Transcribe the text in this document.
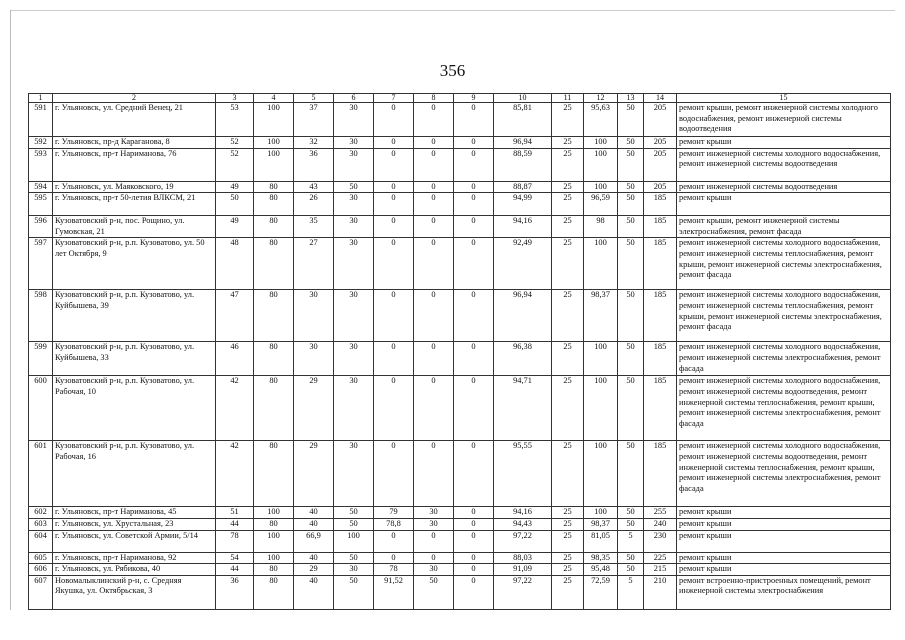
356
1	2	3	4	5	6	7	8	9	10	11	12	13	14	15
591	г. Ульяновск, ул. Средний Венец, 21	53	100	37	30	0	0	0	85,81	25	95,63	50	205	ремонт крыши, ремонт инженерной системы холодного водоснабжения, ремонт инженерной системы водоотведения
592	г. Ульяновск, пр-д Караганова, 8	52	100	32	30	0	0	0	96,94	25	100	50	205	ремонт крыши
593	г. Ульяновск, пр-т Нариманова, 76	52	100	36	30	0	0	0	88,59	25	100	50	205	ремонт инженерной системы холодного водоснабжения, ремонт инженерной системы водоотведения
594	г. Ульяновск, ул. Маяковского, 19	49	80	43	50	0	0	0	88,87	25	100	50	205	ремонт инженерной системы водоотведения
595	г. Ульяновск, пр-т 50-летия ВЛКСМ, 21	50	80	26	30	0	0	0	94,99	25	96,59	50	185	ремонт крыши
596	Кузоватовский р-н, пос. Рощино, ул. Гумовская, 21	49	80	35	30	0	0	0	94,16	25	98	50	185	ремонт крыши, ремонт инженерной системы электроснабжения, ремонт фасада
597	Кузоватовский р-н, р.п. Кузоватово, ул. 50 лет Октября, 9	48	80	27	30	0	0	0	92,49	25	100	50	185	ремонт инженерной системы холодного водоснабжения, ремонт инженерной системы теплоснабжения, ремонт крыши, ремонт инженерной системы электроснабжения, ремонт фасада
598	Кузоватовский р-н, р.п. Кузоватово, ул. Куйбышева, 39	47	80	30	30	0	0	0	96,94	25	98,37	50	185	ремонт инженерной системы холодного водоснабжения, ремонт инженерной системы теплоснабжения, ремонт крыши, ремонт инженерной системы электроснабжения, ремонт фасада
599	Кузоватовский р-н, р.п. Кузоватово, ул. Куйбышева, 33	46	80	30	30	0	0	0	96,38	25	100	50	185	ремонт инженерной системы холодного водоснабжения, ремонт инженерной системы электроснабжения, ремонт фасада
600	Кузоватовский р-н, р.п. Кузоватово, ул. Рабочая, 10	42	80	29	30	0	0	0	94,71	25	100	50	185	ремонт инженерной системы холодного водоснабжения, ремонт инженерной системы водоотведения, ремонт инженерной системы теплоснабжения, ремонт крыши, ремонт инженерной системы электроснабжения, ремонт фасада
601	Кузоватовский р-н, р.п. Кузоватово, ул. Рабочая, 16	42	80	29	30	0	0	0	95,55	25	100	50	185	ремонт инженерной системы холодного водоснабжения, ремонт инженерной системы водоотведения, ремонт инженерной системы теплоснабжения, ремонт крыши, ремонт инженерной системы электроснабжения, ремонт фасада
602	г. Ульяновск, пр-т Нариманова, 45	51	100	40	50	79	30	0	94,16	25	100	50	255	ремонт крыши
603	г. Ульяновск, ул. Хрустальная, 23	44	80	40	50	78,8	30	0	94,43	25	98,37	50	240	ремонт крыши
604	г. Ульяновск, ул. Советской Армии, 5/14	78	100	66,9	100	0	0	0	97,22	25	81,05	5	230	ремонт крыши
605	г. Ульяновск, пр-т Нариманова, 92	54	100	40	50	0	0	0	88,03	25	98,35	50	225	ремонт крыши
606	г. Ульяновск, ул. Рябикова, 40	44	80	29	30	78	30	0	91,09	25	95,48	50	215	ремонт крыши
607	Новомалыклинский р-н, с. Средняя Якушка, ул. Октябрьская, 3	36	80	40	50	91,52	50	0	97,22	25	72,59	5	210	ремонт встроенно-пристроенных помещений, ремонт инженерной системы электроснабжения
